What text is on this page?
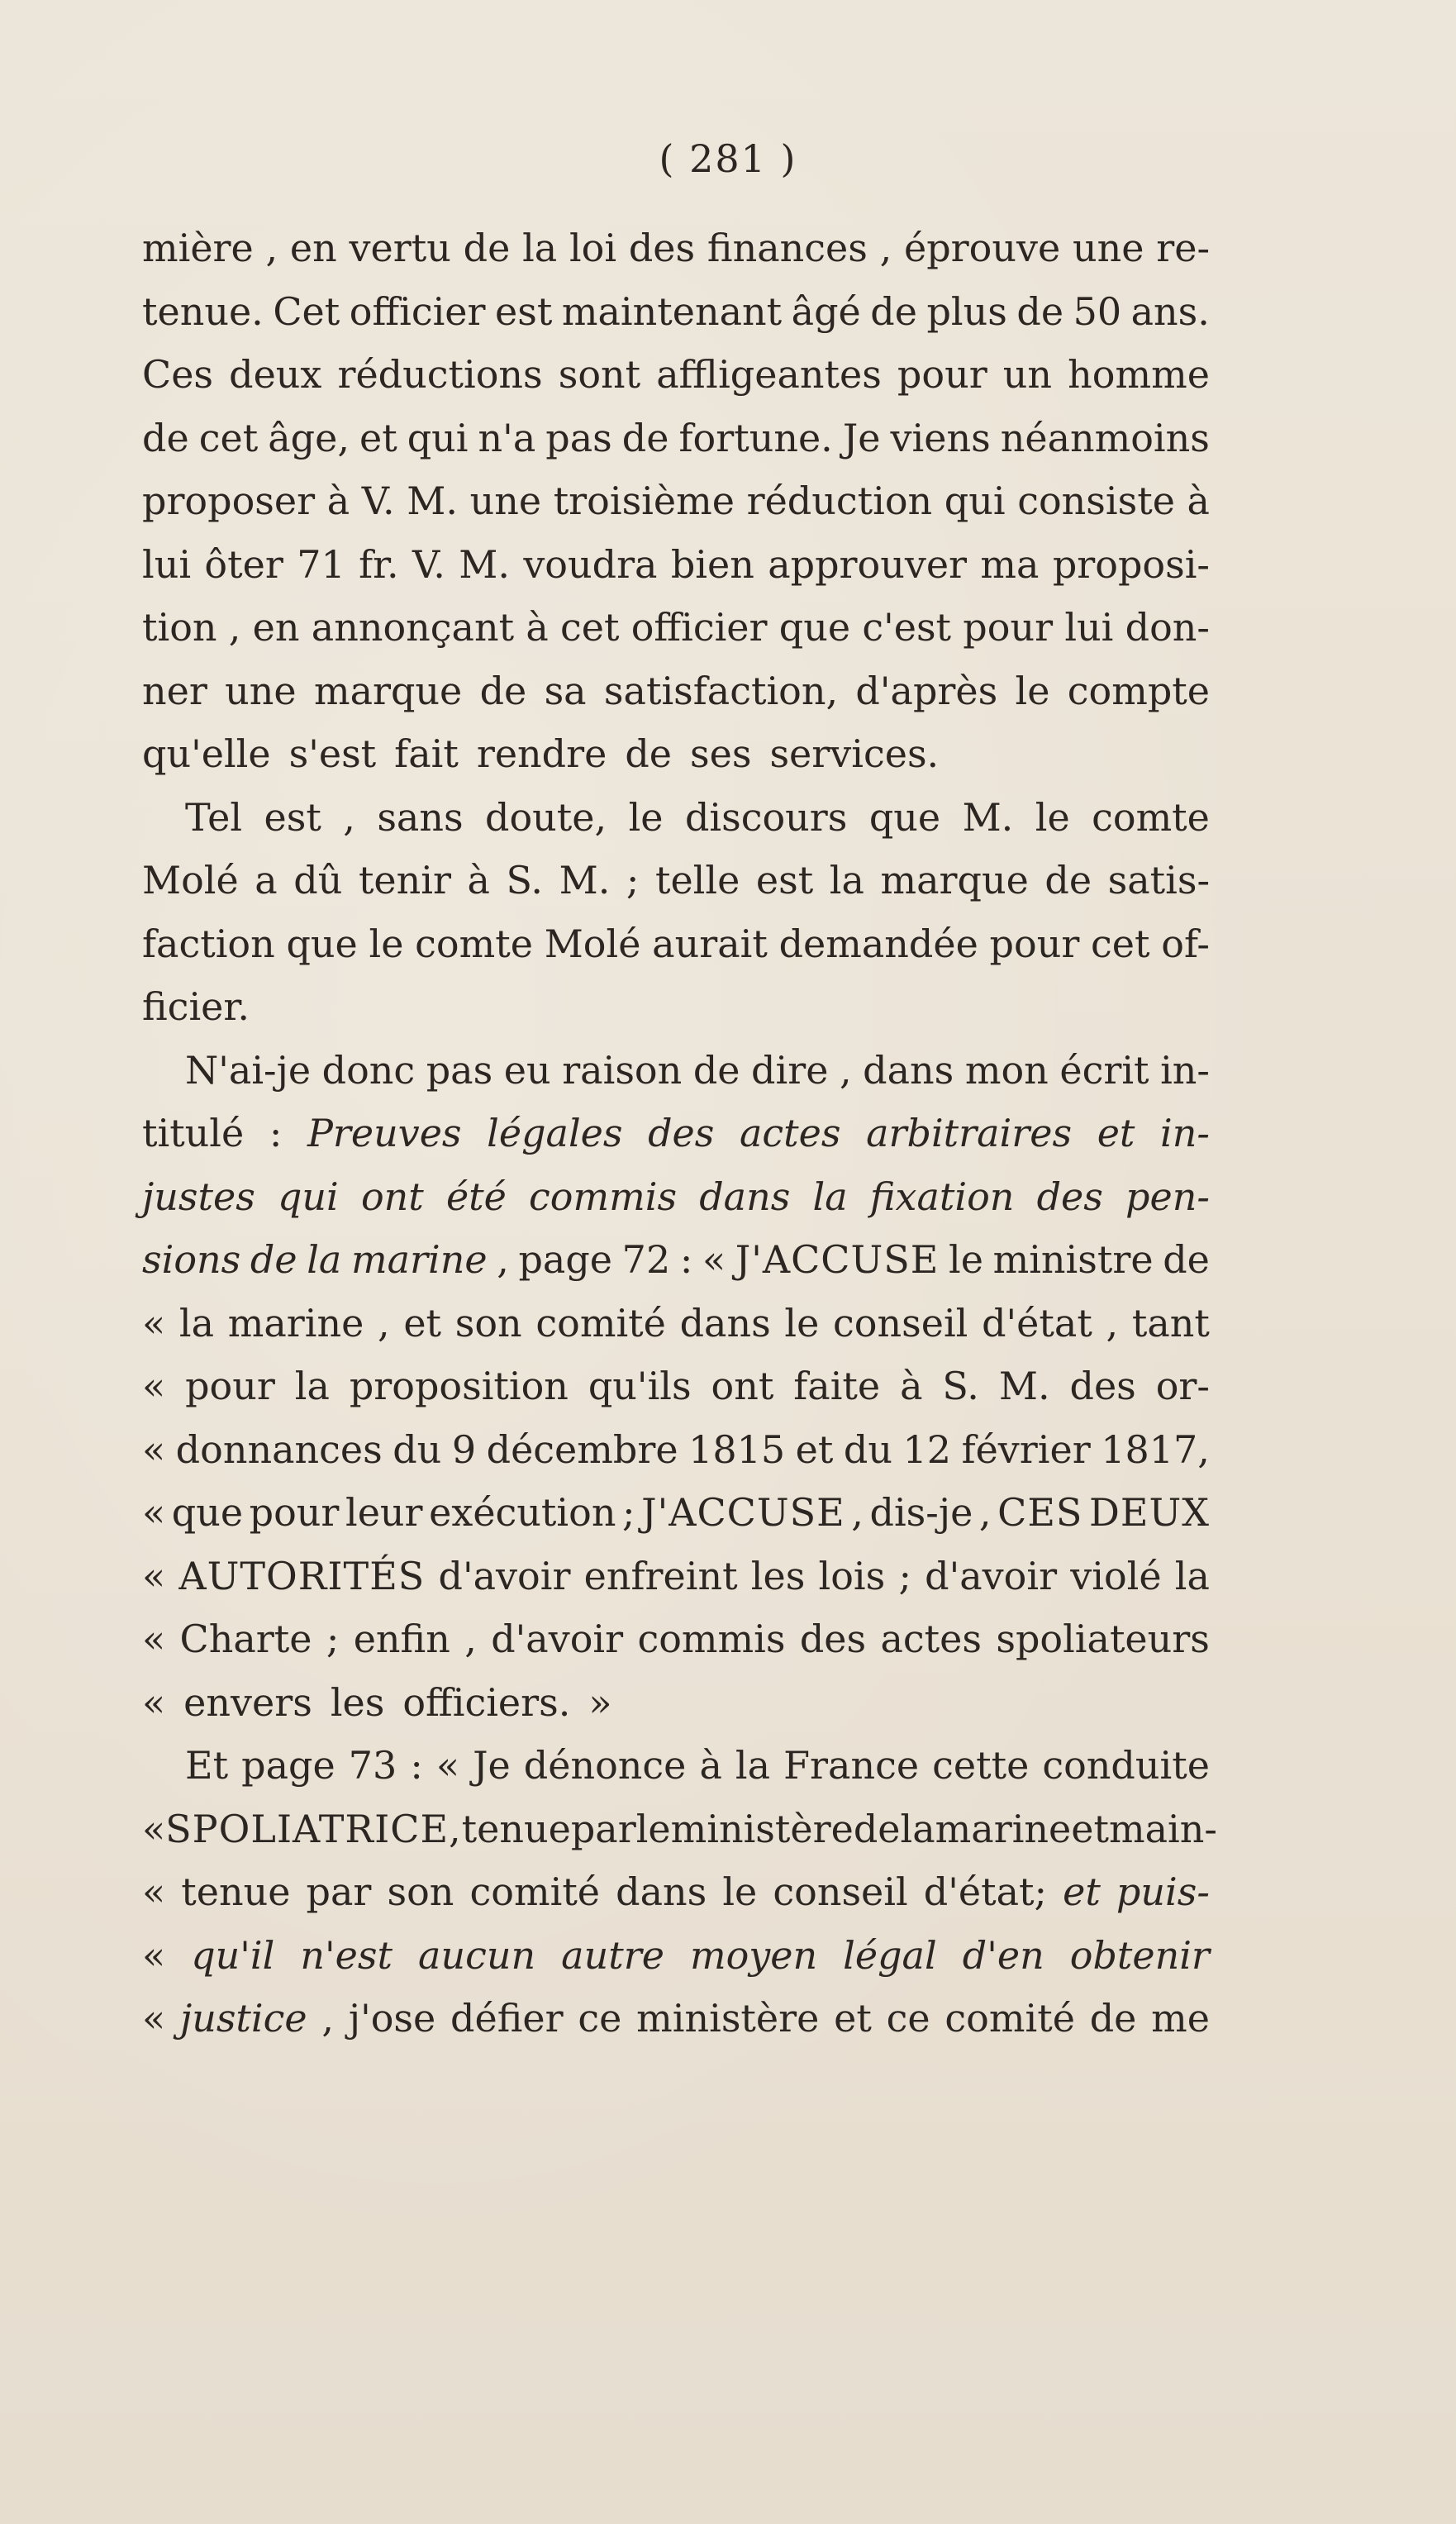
( 281 )
mière , en vertu de la loi des finances , éprouve une re-
tenue. Cet officier est maintenant âgé de plus de 50 ans.
Ces deux réductions sont affligeantes pour un homme
de cet âge, et qui n'a pas de fortune. Je viens néanmoins
proposer à V. M. une troisième réduction qui consiste à
lui ôter 71 fr. V. M. voudra bien approuver ma proposi-
tion , en annonçant à cet officier que c'est pour lui don-
ner une marque de sa satisfaction, d'après le compte
qu'elle s'est fait rendre de ses services.
Tel est , sans doute, le discours que M. le comte
Molé a dû tenir à S. M. ; telle est la marque de satis-
faction que le comte Molé aurait demandée pour cet of-
ficier.
N'ai-je donc pas eu raison de dire , dans mon écrit in-
titulé : Preuves légales des actes arbitraires et in-
justes qui ont été commis dans la fixation des pen-
sions de la marine , page 72 : « J'ACCUSE le ministre de
« la marine , et son comité dans le conseil d'état , tant
« pour la proposition qu'ils ont faite à S. M. des or-
« donnances du 9 décembre 1815 et du 12 février 1817,
« que pour leur exécution ; J'ACCUSE , dis-je , CES DEUX
« AUTORITÉS d'avoir enfreint les lois ; d'avoir violé la
« Charte ; enfin , d'avoir commis des actes spoliateurs
« envers les officiers. »
Et page 73 : « Je dénonce à la France cette conduite
« SPOLIATRICE, tenue par le ministère de la marine et main-
« tenue par son comité dans le conseil d'état; et puis-
« qu'il n'est aucun autre moyen légal d'en obtenir
« justice , j'ose défier ce ministère et ce comité de me
